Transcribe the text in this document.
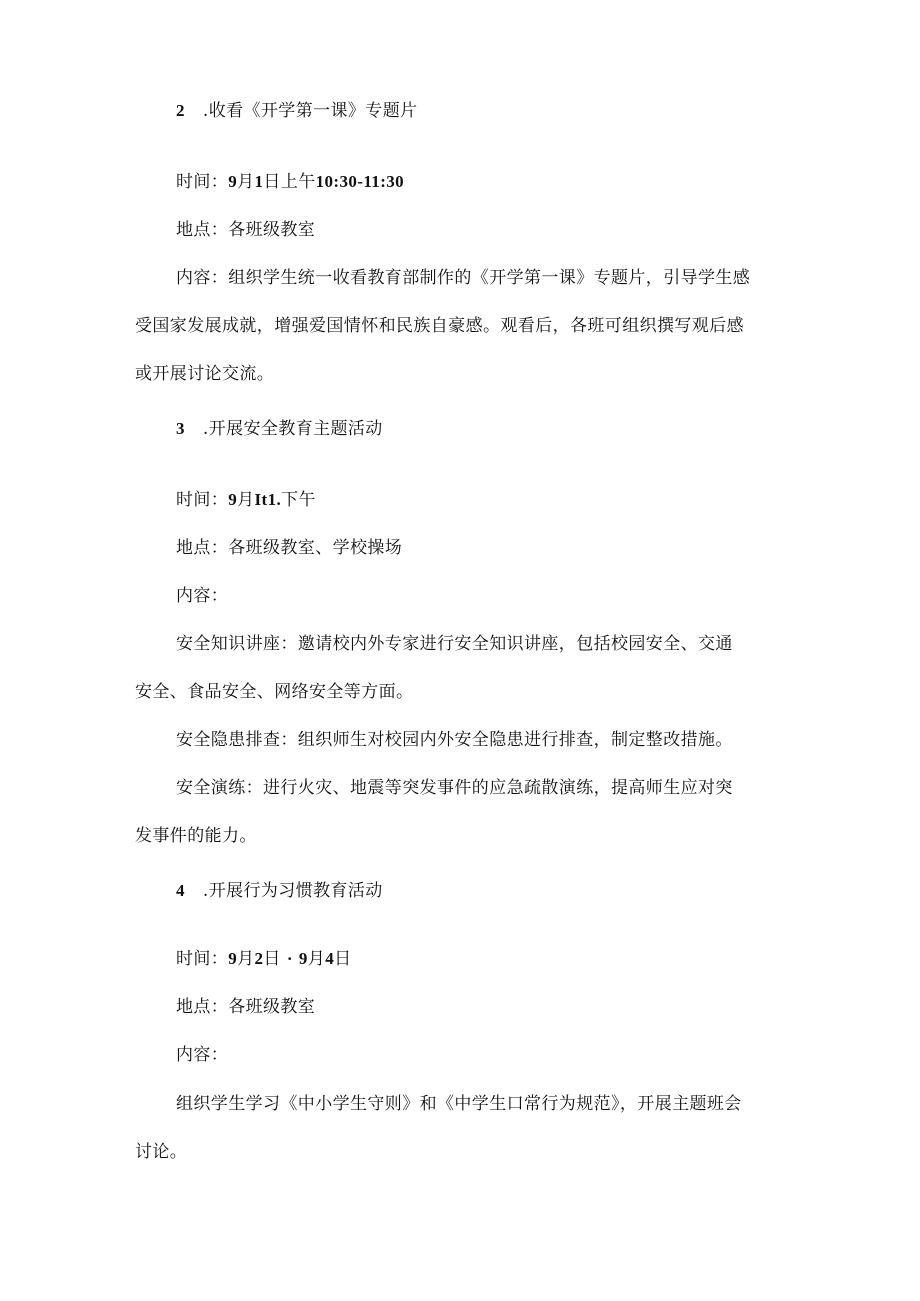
2 .收看《开学第一课》专题片
时间：9月1日上午10:30-11:30
地点：各班级教室
内容：组织学生统一收看教育部制作的《开学第一课》专题片，引导学生感
受国家发展成就，增强爱国情怀和民族自豪感。观看后，各班可组织撰写观后感
或开展讨论交流。
3 .开展安全教育主题活动
时间：9月It1.下午
地点：各班级教室、学校操场
内容：
安全知识讲座：邀请校内外专家进行安全知识讲座，包括校园安全、交通
安全、食品安全、网络安全等方面。
安全隐患排查：组织师生对校园内外安全隐患进行排查，制定整改措施。
安全演练：进行火灾、地震等突发事件的应急疏散演练，提高师生应对突
发事件的能力。
4 .开展行为习惯教育活动
时间：9月2日 · 9月4日
地点：各班级教室
内容：
组织学生学习《中小学生守则》和《中学生口常行为规范》，开展主题班会
讨论。
